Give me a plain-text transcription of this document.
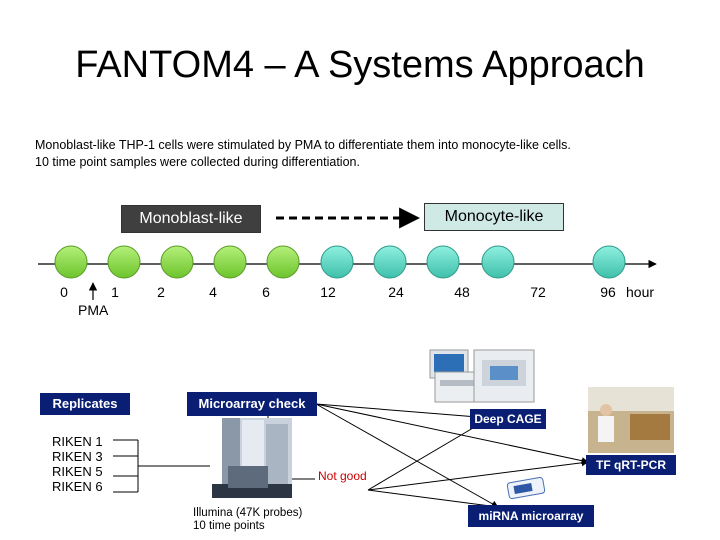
FANTOM4 – A Systems Approach
Monoblast-like THP-1 cells were stimulated by PMA to differentiate them into monocyte-like cells.
10 time point samples were collected during differentiation.
Monoblast-like	Monocyte-like
0	1	2	4	6	12	24	48	72	96 hour
PMA
Replicates
RIKEN 1
RIKEN 3
RIKEN 5
RIKEN 6
Microarray check
Not good
Illumina (47K probes)
10 time points
Deep CAGE
TF qRT-PCR
miRNA microarray
